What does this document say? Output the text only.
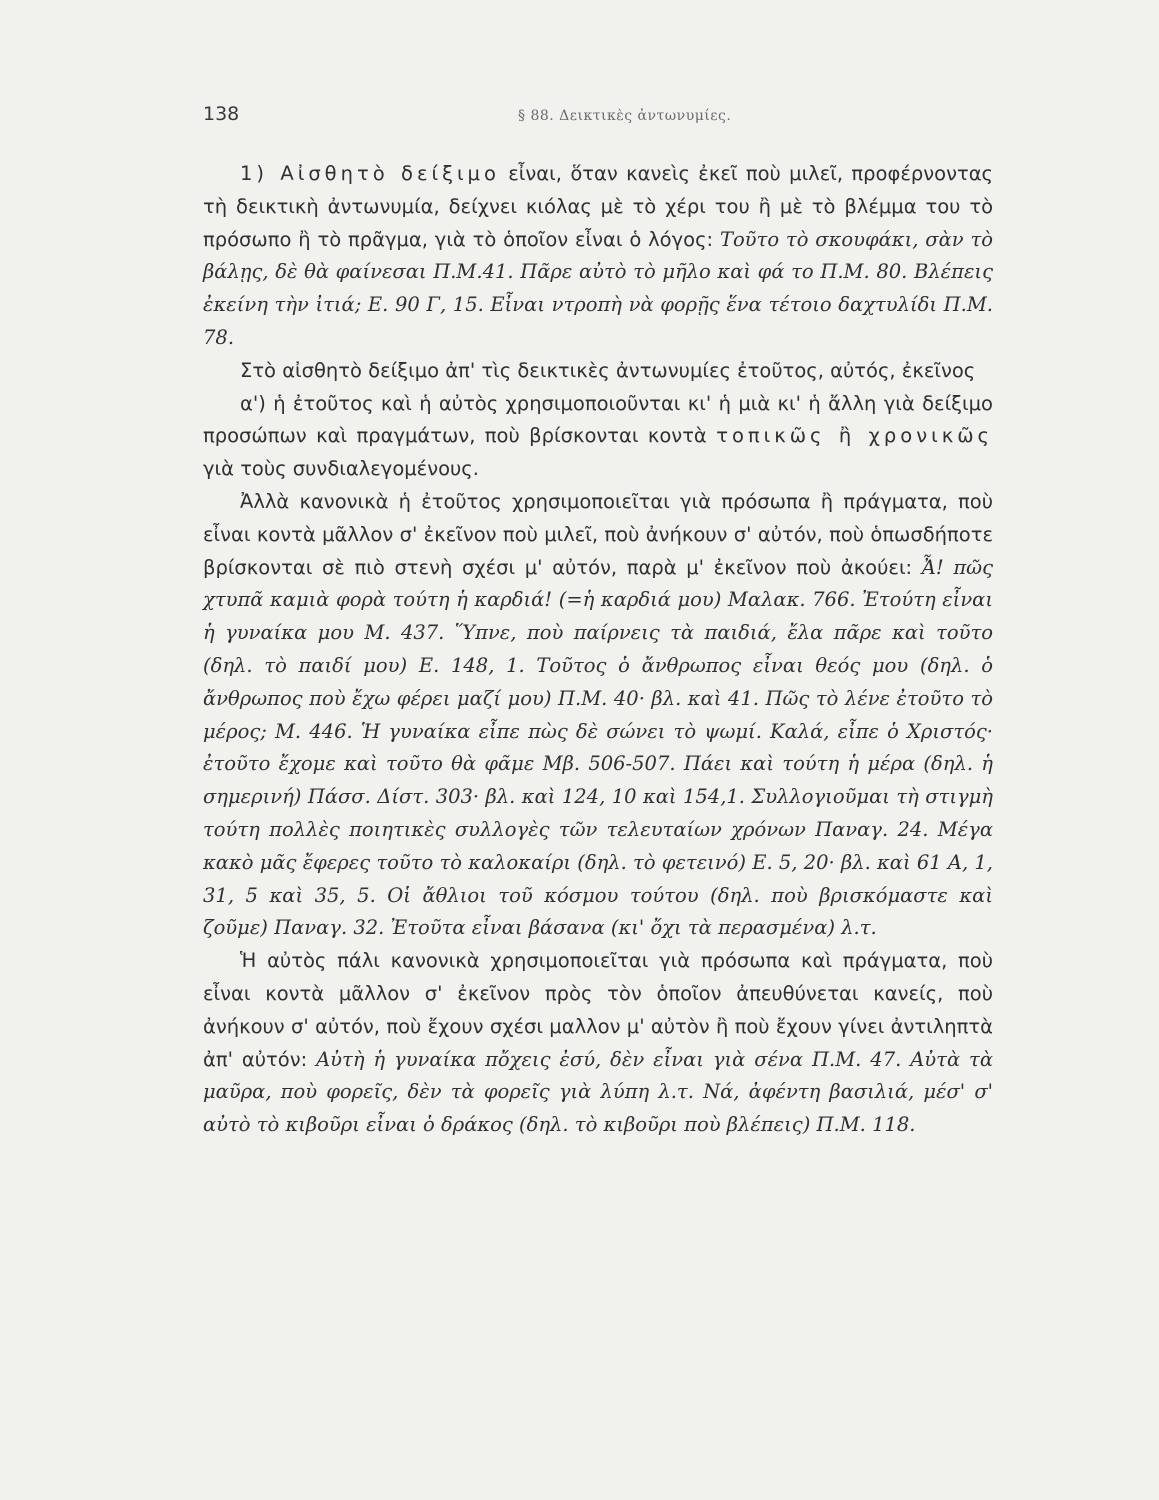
138	§ 88. Δεικτικὲς ἀντωνυμίες.

1) Αἰσθητὸ δείξιμο εἶναι, ὅταν κανεὶς ἐκεῖ ποὺ μιλεῖ, προφέρνοντας τὴ δεικτικὴ ἀντωνυμία, δείχνει κιόλας μὲ τὸ χέρι του ἢ μὲ τὸ βλέμμα του τὸ πρόσωπο ἢ τὸ πρᾶγμα, γιὰ τὸ ὁποῖον εἶναι ὁ λόγος: Τοῦτο τὸ σκουφάκι, σὰν τὸ βάλῃς, δὲ θὰ φαίνεσαι Π.Μ.41. Πᾶρε αὐτὸ τὸ μῆλο καὶ φά το Π.Μ. 80. Βλέπεις ἐκείνη τὴν ἰτιά; Ε. 90 Γ, 15. Εἶναι ντροπὴ νὰ φορῇς ἕνα τέτοιο δαχτυλίδι Π.Μ. 78.

Στὸ αἰσθητὸ δείξιμο ἀπ' τὶς δεικτικὲς ἀντωνυμίες ἐτοῦτος, αὐτός, ἐκεῖνος

α') ἡ ἐτοῦτος καὶ ἡ αὐτὸς χρησιμοποιοῦνται κι' ἡ μιὰ κι' ἡ ἄλλη γιὰ δείξιμο προσώπων καὶ πραγμάτων, ποὺ βρίσκονται κοντὰ τοπικῶς ἢ χρονικῶς γιὰ τοὺς συνδιαλεγομένους.

Ἀλλὰ κανονικὰ ἡ ἐτοῦτος χρησιμοποιεῖται γιὰ πρόσωπα ἢ πράγματα, ποὺ εἶναι κοντὰ μᾶλλον σ' ἐκεῖνον ποὺ μιλεῖ, ποὺ ἀνήκουν σ' αὐτόν, ποὺ ὁπωσδήποτε βρίσκονται σὲ πιὸ στενὴ σχέσι μ' αὐτόν, παρὰ μ' ἐκεῖνον ποὺ ἀκούει: Ἆ! πῶς χτυπᾶ καμιὰ φορὰ τούτη ἡ καρδιά! (=ἡ καρδιά μου) Μαλακ. 766. Ἐτούτη εἶναι ἡ γυναίκα μου Μ. 437. Ὕπνε, ποὺ παίρνεις τὰ παιδιά, ἔλα πᾶρε καὶ τοῦτο (δηλ. τὸ παιδί μου) Ε. 148, 1. Τοῦτος ὁ ἄνθρωπος εἶναι θεός μου (δηλ. ὁ ἄνθρωπος ποὺ ἔχω φέρει μαζί μου) Π.Μ. 40· βλ. καὶ 41. Πῶς τὸ λένε ἐτοῦτο τὸ μέρος; Μ. 446. Ἡ γυναίκα εἶπε πὼς δὲ σώνει τὸ ψωμί. Καλά, εἶπε ὁ Χριστός· ἐτοῦτο ἔχομε καὶ τοῦτο θὰ φᾶμε Μβ. 506-507. Πάει καὶ τούτη ἡ μέρα (δηλ. ἡ σημερινή) Πάσσ. Δίστ. 303· βλ. καὶ 124, 10 καὶ 154,1. Συλλογιοῦμαι τὴ στιγμὴ τούτη πολλὲς ποιητικὲς συλλογὲς τῶν τελευταίων χρόνων Παναγ. 24. Μέγα κακὸ μᾶς ἔφερες τοῦτο τὸ καλοκαίρι (δηλ. τὸ φετεινό) Ε. 5, 20· βλ. καὶ 61 Α, 1, 31, 5 καὶ 35, 5. Οἱ ἄθλιοι τοῦ κόσμου τούτου (δηλ. ποὺ βρισκόμαστε καὶ ζοῦμε) Παναγ. 32. Ἐτοῦτα εἶναι βάσανα (κι' ὄχι τὰ περασμένα) λ.τ.

Ἡ αὐτὸς πάλι κανονικὰ χρησιμοποιεῖται γιὰ πρόσωπα καὶ πράγματα, ποὺ εἶναι κοντὰ μᾶλλον σ' ἐκεῖνον πρὸς τὸν ὁποῖον ἀπευθύνεται κανείς, ποὺ ἀνήκουν σ' αὐτόν, ποὺ ἔχουν σχέσι μαλλον μ' αὐτὸν ἢ ποὺ ἔχουν γίνει ἀντιληπτὰ ἀπ' αὐτόν: Αὐτὴ ἡ γυναίκα πὄχεις ἐσύ, δὲν εἶναι γιὰ σένα Π.Μ. 47. Αὐτὰ τὰ μαῦρα, ποὺ φορεῖς, δὲν τὰ φορεῖς γιὰ λύπη λ.τ. Νά, ἀφέντη βασιλιά, μέσ' σ' αὐτὸ τὸ κιβοῦρι εἶναι ὁ δράκος (δηλ. τὸ κιβοῦρι ποὺ βλέπεις) Π.Μ. 118.
